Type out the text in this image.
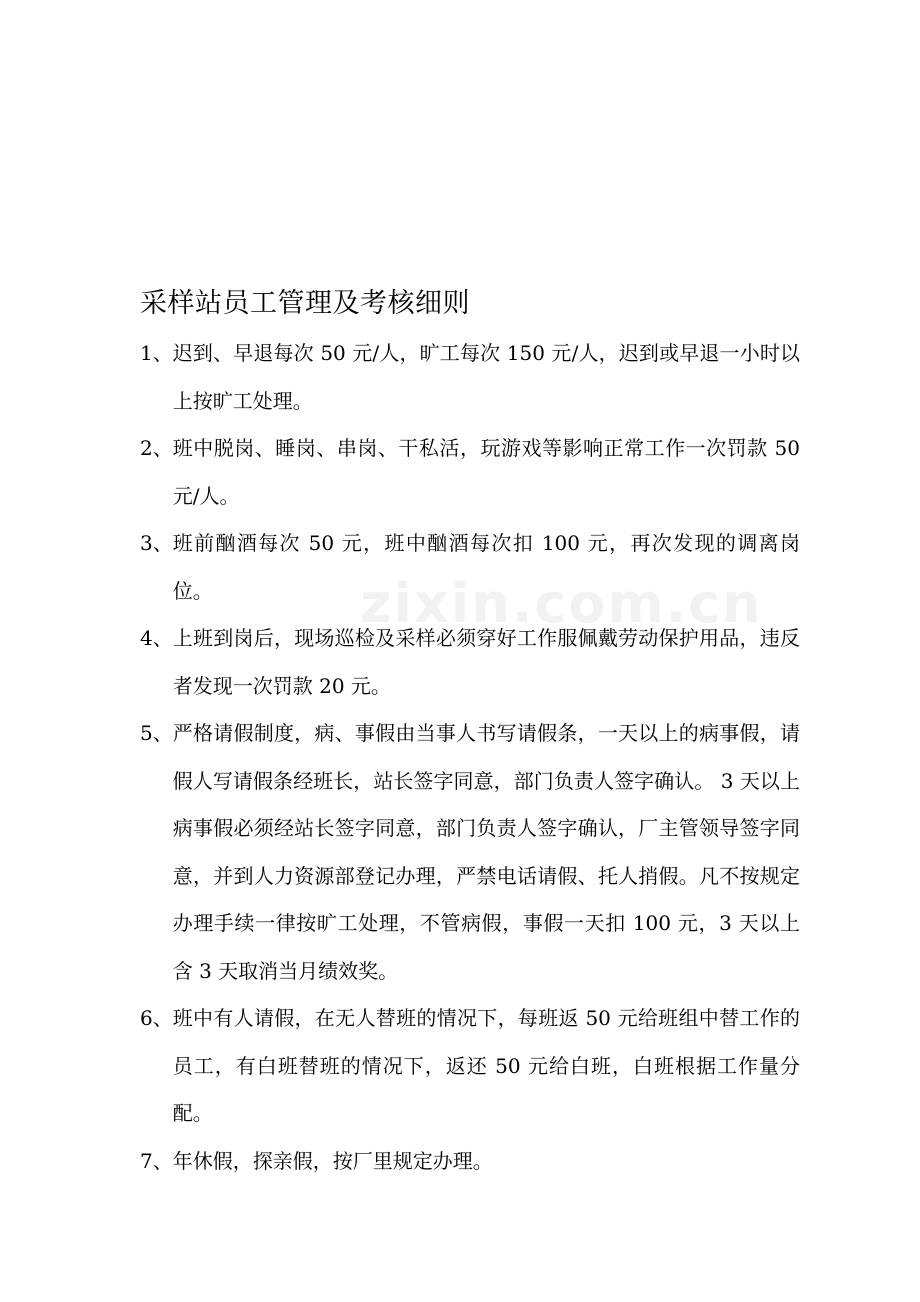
采样站员工管理及考核细则
1、 迟到、早退每次 50 元/人，旷工每次 150 元/人，迟到或早退一小时以上按旷工处理。
2、 班中脱岗、睡岗、串岗、干私活，玩游戏等影响正常工作一次罚款 50 元/人。
3、 班前酗酒每次 50 元，班中酗酒每次扣 100 元，再次发现的调离岗位。
4、 上班到岗后，现场巡检及采样必须穿好工作服佩戴劳动保护用品，违反者发现一次罚款 20 元。
5、 严格请假制度，病、事假由当事人书写请假条，一天以上的病事假，请假人写请假条经班长，站长签字同意，部门负责人签字确认。 3 天以上病事假必须经站长签字同意，部门负责人签字确认，厂主管领导签字同意，并到人力资源部登记办理，严禁电话请假、托人捎假。凡不按规定办理手续一律按旷工处理，不管病假，事假一天扣 100 元，3 天以上含 3 天取消当月绩效奖。
6、 班中有人请假，在无人替班的情况下，每班返 50 元给班组中替工作的员工，有白班替班的情况下，返还 50 元给白班，白班根据工作量分配。
7、 年休假，探亲假，按厂里规定办理。
zixin.com.cn
